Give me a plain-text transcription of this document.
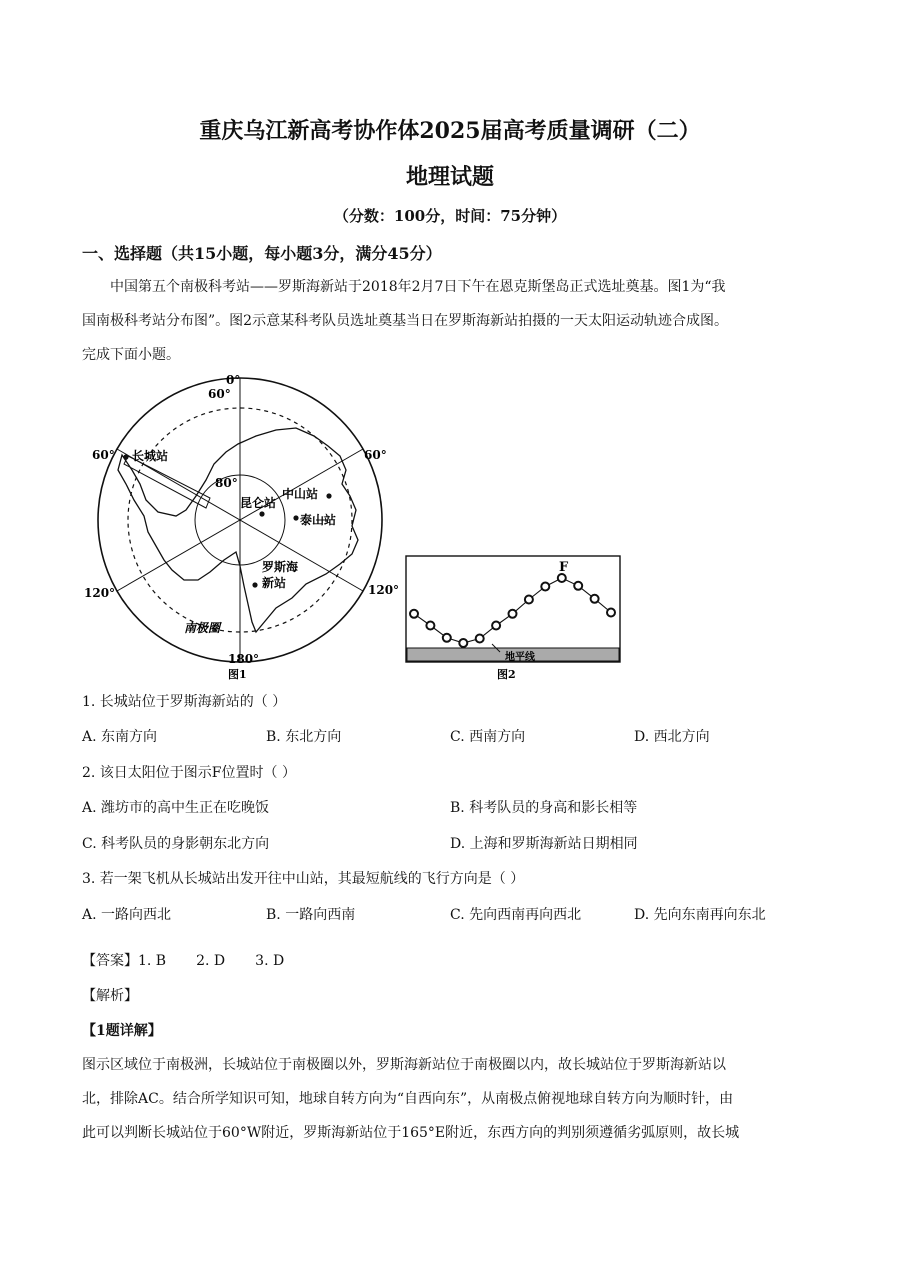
重庆乌江新高考协作体2025届高考质量调研（二）
地理试题
（分数：100分，时间：75分钟）
一、选择题（共15小题，每小题3分，满分45分）
中国第五个南极科考站——罗斯海新站于2018年2月7日下午在恩克斯堡岛正式选址奠基。图1为“我
国南极科考站分布图”。图2示意某科考队员选址奠基当日在罗斯海新站拍摄的一天太阳运动轨迹合成图。
完成下面小题。
0°
60°
60°	60°
120°	120°
180°
80°
长城站
昆仑站
中山站
泰山站
罗斯海
新站
南极圈
图1
F
地平线
图2
1. 长城站位于罗斯海新站的（ ）
A. 东南方向	B. 东北方向	C. 西南方向	D. 西北方向
2. 该日太阳位于图示F位置时（ ）
A. 潍坊市的高中生正在吃晚饭	B. 科考队员的身高和影长相等
C. 科考队员的身影朝东北方向	D. 上海和罗斯海新站日期相同
3. 若一架飞机从长城站出发开往中山站，其最短航线的飞行方向是（ ）
A. 一路向西北	B. 一路向西南	C. 先向西南再向西北	D. 先向东南再向东北
【答案】1. B 2. D 3. D
【解析】
【1题详解】
图示区域位于南极洲，长城站位于南极圈以外，罗斯海新站位于南极圈以内，故长城站位于罗斯海新站以
北，排除AC。结合所学知识可知，地球自转方向为“自西向东”，从南极点俯视地球自转方向为顺时针，由
此可以判断长城站位于60°W附近，罗斯海新站位于165°E附近，东西方向的判别须遵循劣弧原则，故长城
